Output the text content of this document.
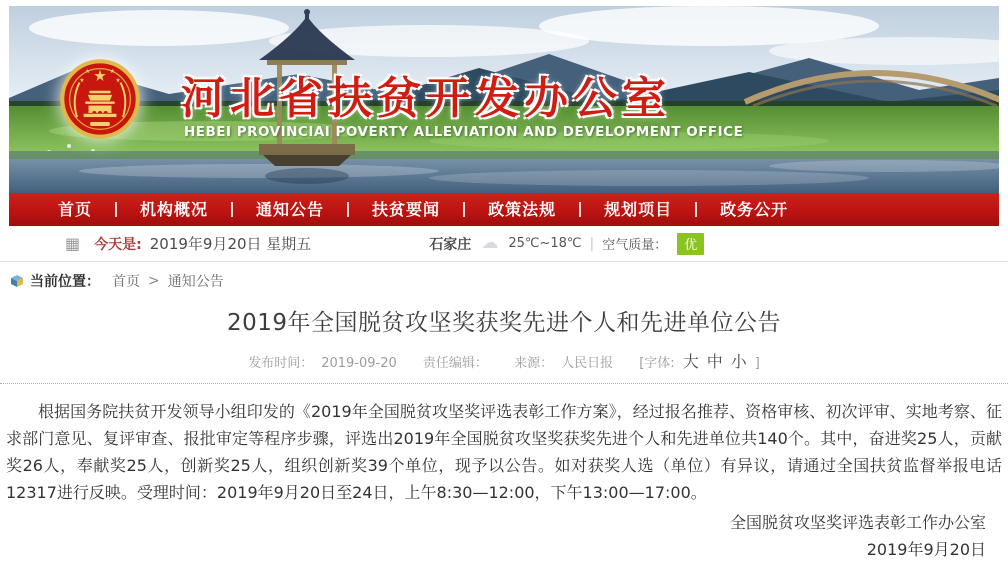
河北省扶贫开发办公室
HEBEI PROVINCIAI POVERTY ALLEVIATION AND DEVELOPMENT OFFICE
首页	机构概况	通知公告	扶贫要闻	政策法规	规划项目	政务公开
▦ 今天是: 2019年9月20日 星期五	石家庄 ☁ 25℃~18℃ | 空气质量：	优
当前位置： 首页 > 通知公告
2019年全国脱贫攻坚奖获奖先进个人和先进单位公告
发布时间： 2019-09-20 责任编辑： 来源： 人民日报 [字体: 大 中 小 ]

根据国务院扶贫开发领导小组印发的《2019年全国脱贫攻坚奖评选表彰工作方案》，经过报名推荐、资格审核、初次评审、实地考察、征求部门意见、复评审查、报批审定等程序步骤，评选出2019年全国脱贫攻坚奖获奖先进个人和先进单位共140个。其中，奋进奖25人，贡献奖26人，奉献奖25人，创新奖25人，组织创新奖39个单位，现予以公告。如对获奖人选（单位）有异议，请通过全国扶贫监督举报电话12317进行反映。受理时间：2019年9月20日至24日，上午8:30—12:00，下午13:00—17:00。

全国脱贫攻坚奖评选表彰工作办公室
2019年9月20日
